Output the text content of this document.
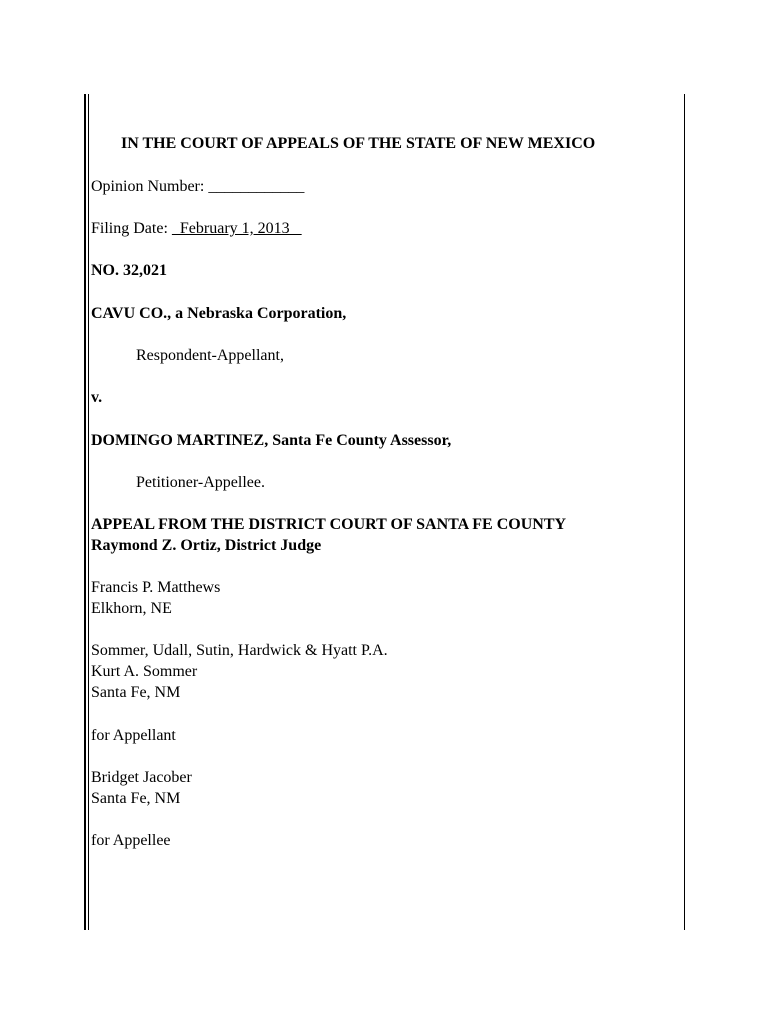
IN THE COURT OF APPEALS OF THE STATE OF NEW MEXICO
Opinion Number: ____________
Filing Date:   February 1, 2013
NO. 32,021
CAVU CO., a Nebraska Corporation,
Respondent-Appellant,
v.
DOMINGO MARTINEZ, Santa Fe County Assessor,
Petitioner-Appellee.
APPEAL FROM THE DISTRICT COURT OF SANTA FE COUNTY
Raymond Z. Ortiz, District Judge
Francis P. Matthews
Elkhorn, NE
Sommer, Udall, Sutin, Hardwick & Hyatt P.A.
Kurt A. Sommer
Santa Fe, NM
for Appellant
Bridget Jacober
Santa Fe, NM
for Appellee
